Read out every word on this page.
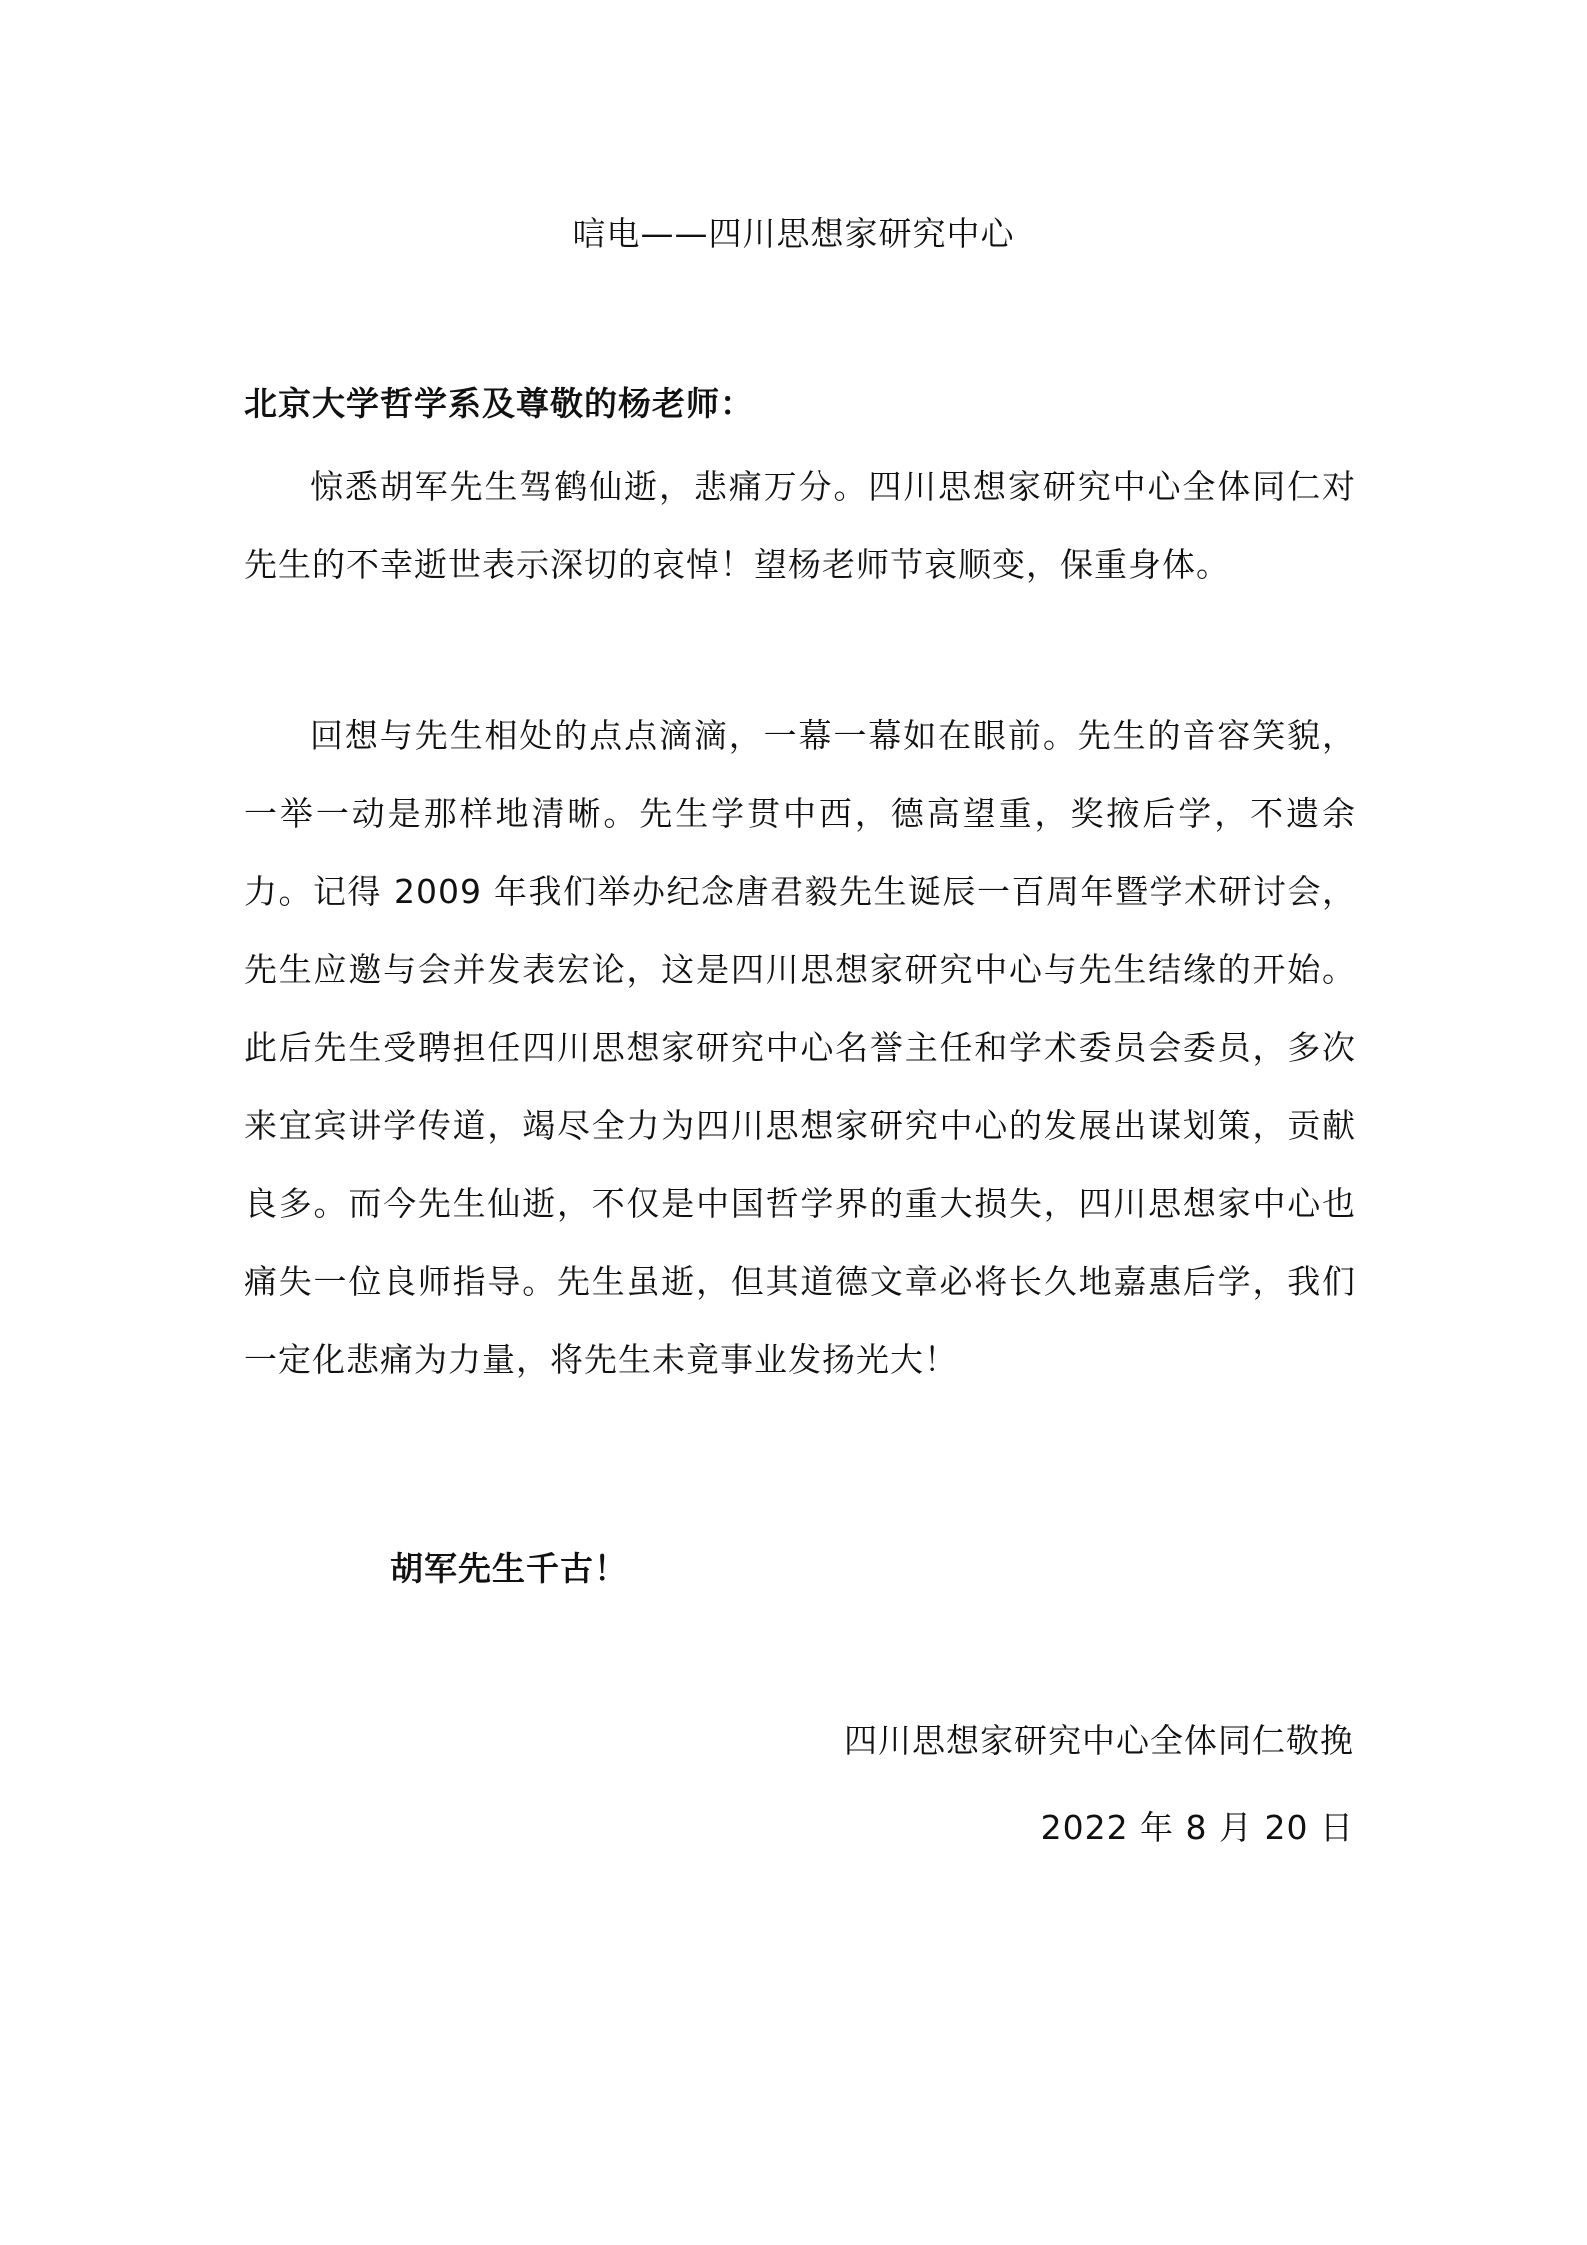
唁电——四川思想家研究中心
北京大学哲学系及尊敬的杨老师：

惊悉胡军先生驾鹤仙逝，悲痛万分。四川思想家研究中心全体同仁对先生的不幸逝世表示深切的哀悼！望杨老师节哀顺变，保重身体。

回想与先生相处的点点滴滴，一幕一幕如在眼前。先生的音容笑貌，一举一动是那样地清晰。先生学贯中西，德高望重，奖掖后学，不遗余力。记得 2009 年我们举办纪念唐君毅先生诞辰一百周年暨学术研讨会，先生应邀与会并发表宏论，这是四川思想家研究中心与先生结缘的开始。此后先生受聘担任四川思想家研究中心名誉主任和学术委员会委员，多次来宜宾讲学传道，竭尽全力为四川思想家研究中心的发展出谋划策，贡献良多。而今先生仙逝，不仅是中国哲学界的重大损失，四川思想家中心也痛失一位良师指导。先生虽逝，但其道德文章必将长久地嘉惠后学，我们一定化悲痛为力量，将先生未竟事业发扬光大！

胡军先生千古！
四川思想家研究中心全体同仁敬挽
2022 年 8 月 20 日
